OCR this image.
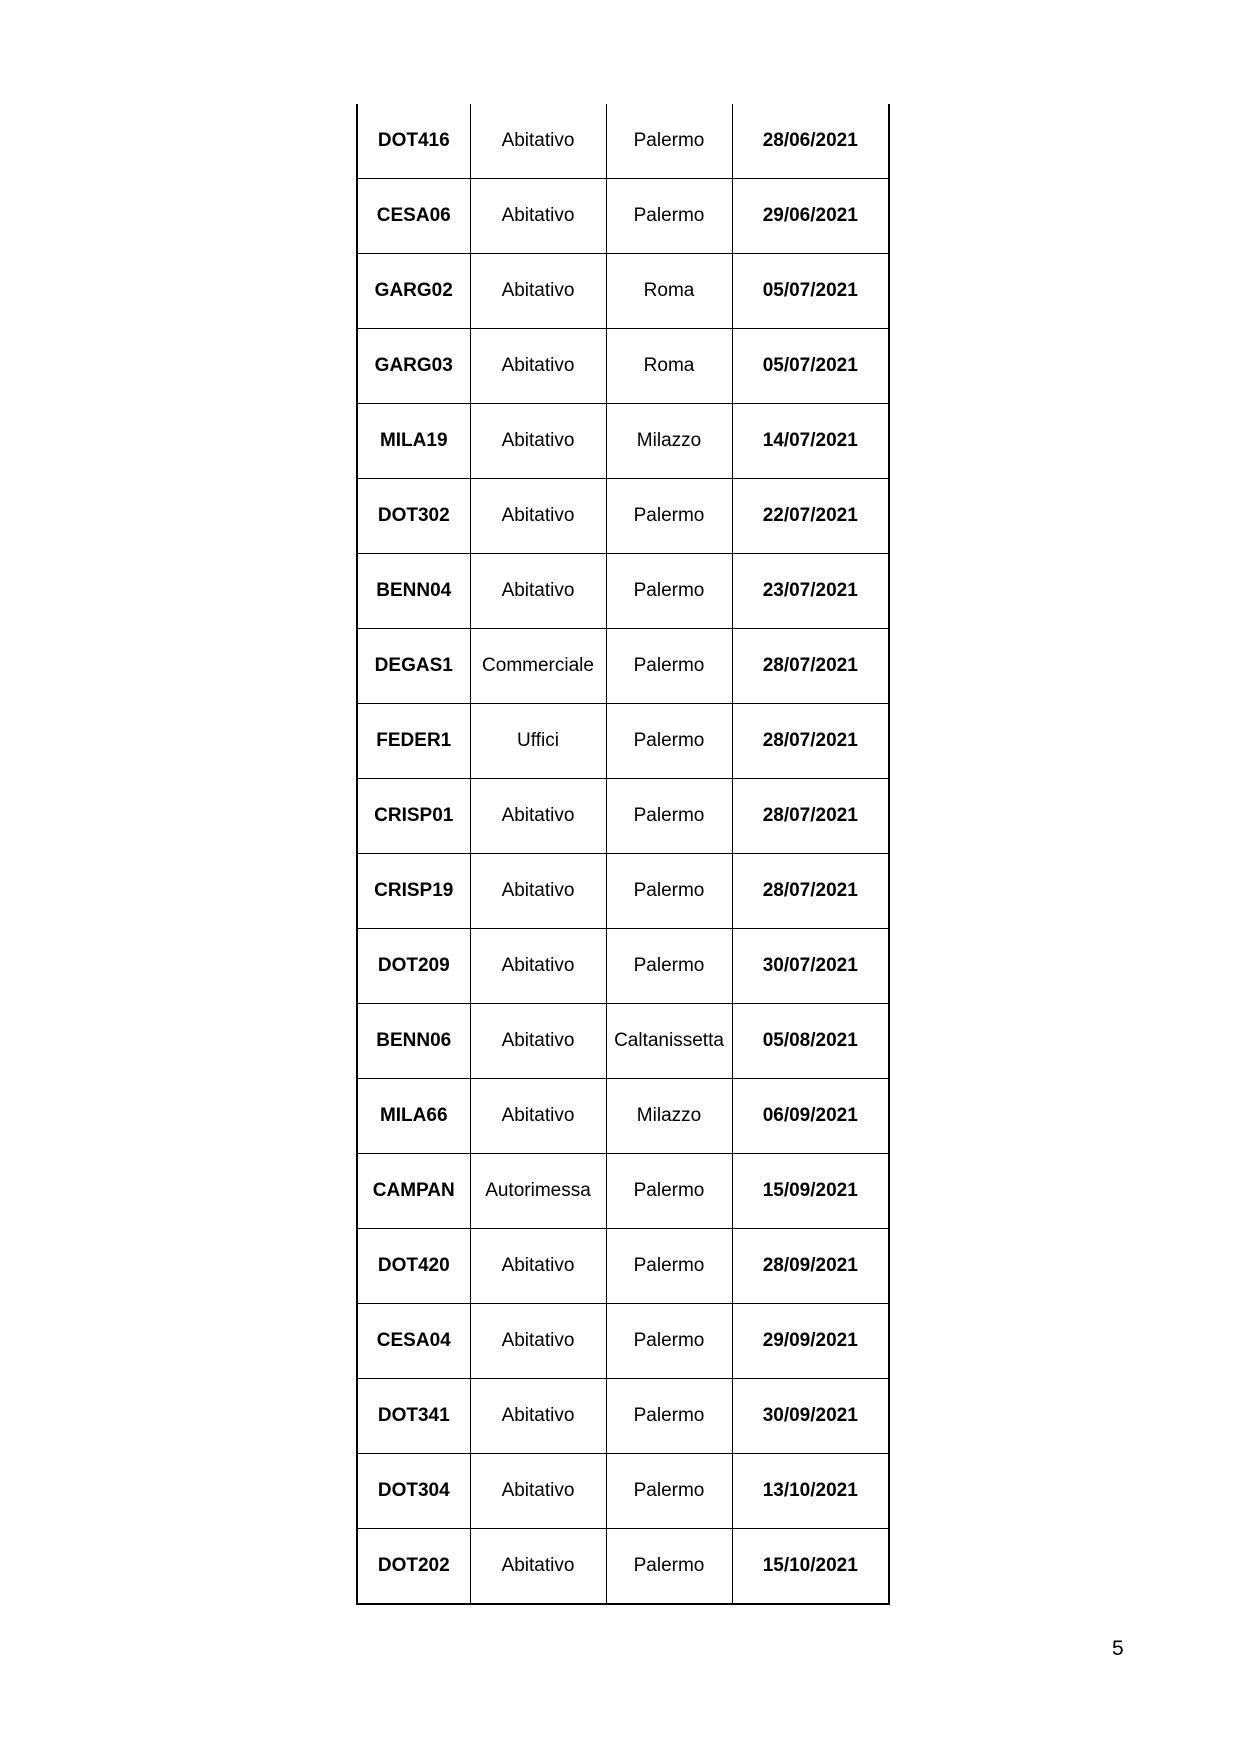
DOT416	Abitativo	Palermo	28/06/2021
CESA06	Abitativo	Palermo	29/06/2021
GARG02	Abitativo	Roma	05/07/2021
GARG03	Abitativo	Roma	05/07/2021
MILA19	Abitativo	Milazzo	14/07/2021
DOT302	Abitativo	Palermo	22/07/2021
BENN04	Abitativo	Palermo	23/07/2021
DEGAS1	Commerciale	Palermo	28/07/2021
FEDER1	Uffici	Palermo	28/07/2021
CRISP01	Abitativo	Palermo	28/07/2021
CRISP19	Abitativo	Palermo	28/07/2021
DOT209	Abitativo	Palermo	30/07/2021
BENN06	Abitativo	Caltanissetta	05/08/2021
MILA66	Abitativo	Milazzo	06/09/2021
CAMPAN	Autorimessa	Palermo	15/09/2021
DOT420	Abitativo	Palermo	28/09/2021
CESA04	Abitativo	Palermo	29/09/2021
DOT341	Abitativo	Palermo	30/09/2021
DOT304	Abitativo	Palermo	13/10/2021
DOT202	Abitativo	Palermo	15/10/2021
5
